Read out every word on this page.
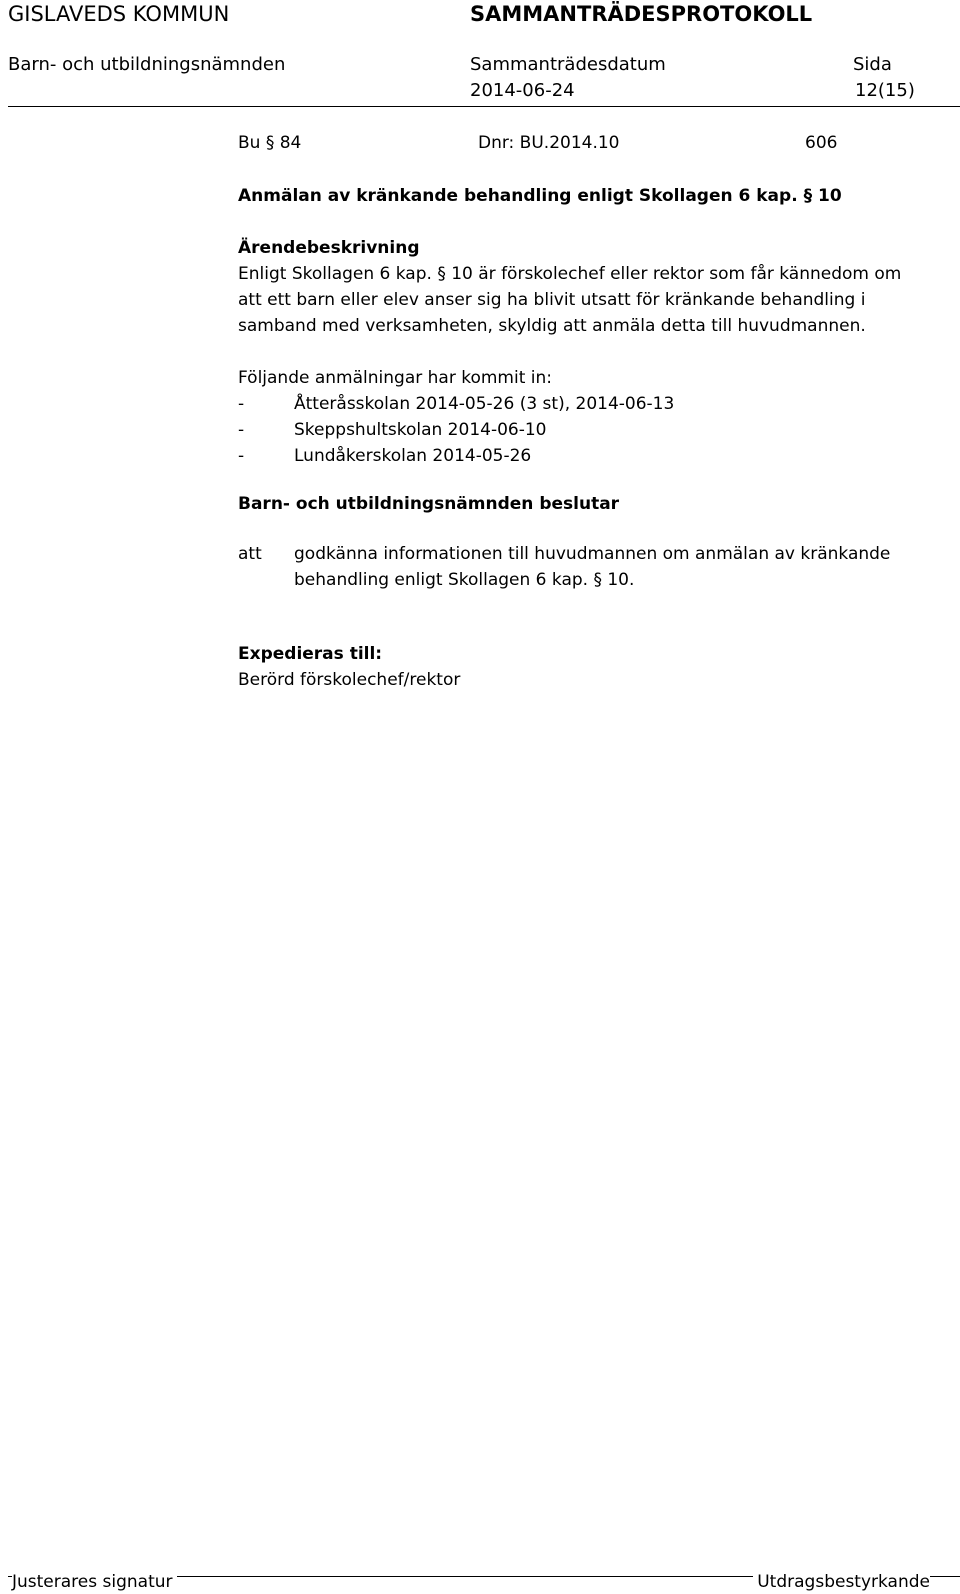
GISLAVEDS KOMMUN	SAMMANTRÄDESPROTOKOLL
Barn- och utbildningsnämnden	Sammanträdesdatum	Sida
2014-06-24	12(15)
Bu § 84	Dnr: BU.2014.10	606
Anmälan av kränkande behandling enligt Skollagen 6 kap. § 10
Ärendebeskrivning
Enligt Skollagen 6 kap. § 10 är förskolechef eller rektor som får kännedom om
att ett barn eller elev anser sig ha blivit utsatt för kränkande behandling i
samband med verksamheten, skyldig att anmäla detta till huvudmannen.
Följande anmälningar har kommit in:
-	Åtteråsskolan 2014-05-26 (3 st), 2014-06-13
-	Skeppshultskolan 2014-06-10
-	Lundåkerskolan 2014-05-26
Barn- och utbildningsnämnden beslutar
att godkänna informationen till huvudmannen om anmälan av kränkande
behandling enligt Skollagen 6 kap. § 10.
Expedieras till:
Berörd förskolechef/rektor
Justerares signatur	Utdragsbestyrkande
